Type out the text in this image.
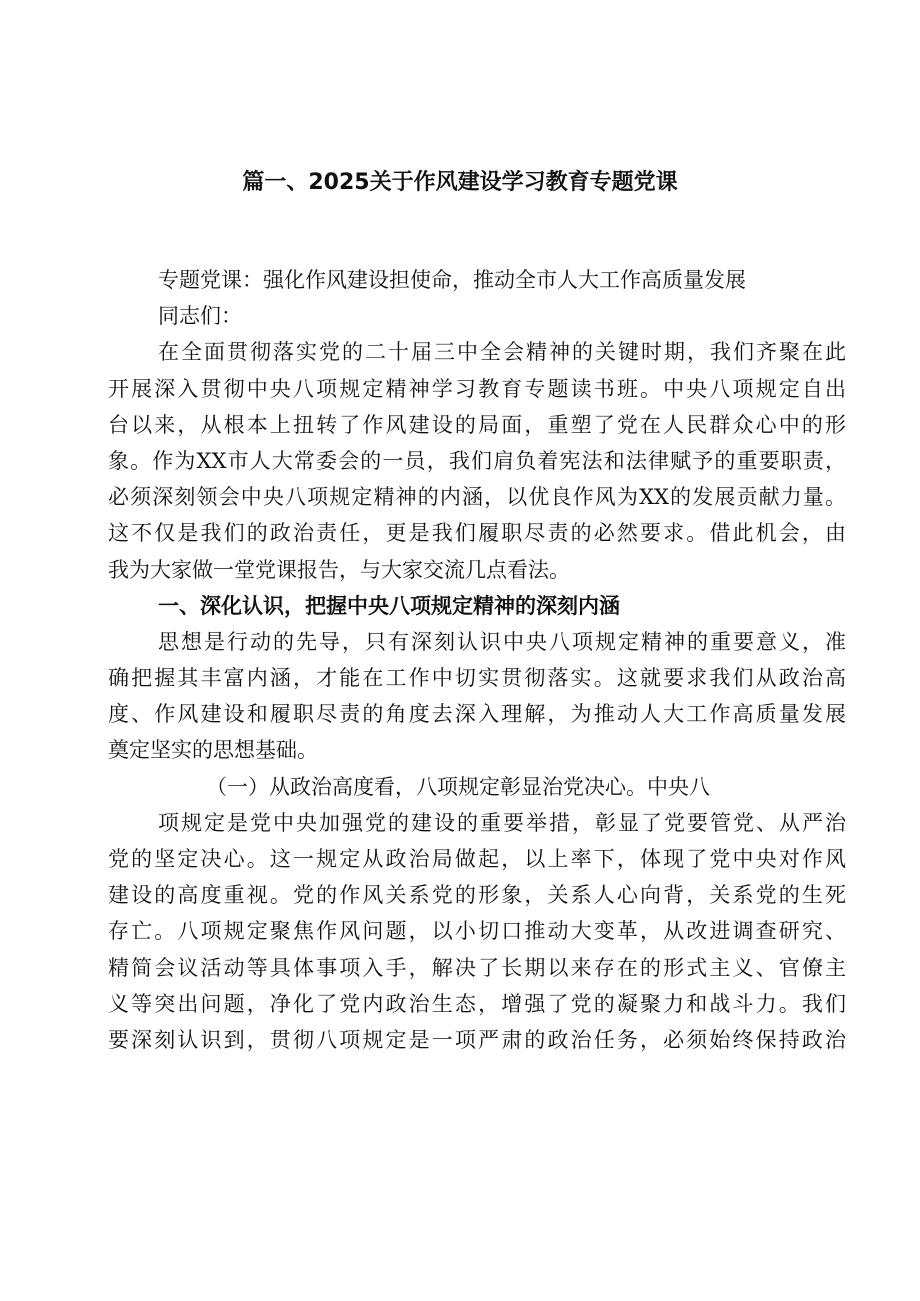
篇一、2025关于作风建设学习教育专题党课
专题党课：强化作风建设担使命，推动全市人大工作高质量发展
同志们：
在全面贯彻落实党的二十届三中全会精神的关键时期，我们齐聚在此
开展深入贯彻中央八项规定精神学习教育专题读书班。中央八项规定自出
台以来，从根本上扭转了作风建设的局面，重塑了党在人民群众心中的形
象。作为XX市人大常委会的一员，我们肩负着宪法和法律赋予的重要职责，
必须深刻领会中央八项规定精神的内涵，以优良作风为XX的发展贡献力量。
这不仅是我们的政治责任，更是我们履职尽责的必然要求。借此机会，由
我为大家做一堂党课报告，与大家交流几点看法。
一、深化认识，把握中央八项规定精神的深刻内涵
思想是行动的先导，只有深刻认识中央八项规定精神的重要意义，准
确把握其丰富内涵，才能在工作中切实贯彻落实。这就要求我们从政治高
度、作风建设和履职尽责的角度去深入理解，为推动人大工作高质量发展
奠定坚实的思想基础。
（一）从政治高度看，八项规定彰显治党决心。中央八
项规定是党中央加强党的建设的重要举措，彰显了党要管党、从严治
党的坚定决心。这一规定从政治局做起，以上率下，体现了党中央对作风
建设的高度重视。党的作风关系党的形象，关系人心向背，关系党的生死
存亡。八项规定聚焦作风问题，以小切口推动大变革，从改进调查研究、
精简会议活动等具体事项入手，解决了长期以来存在的形式主义、官僚主
义等突出问题，净化了党内政治生态，增强了党的凝聚力和战斗力。我们
要深刻认识到，贯彻八项规定是一项严肃的政治任务，必须始终保持政治
